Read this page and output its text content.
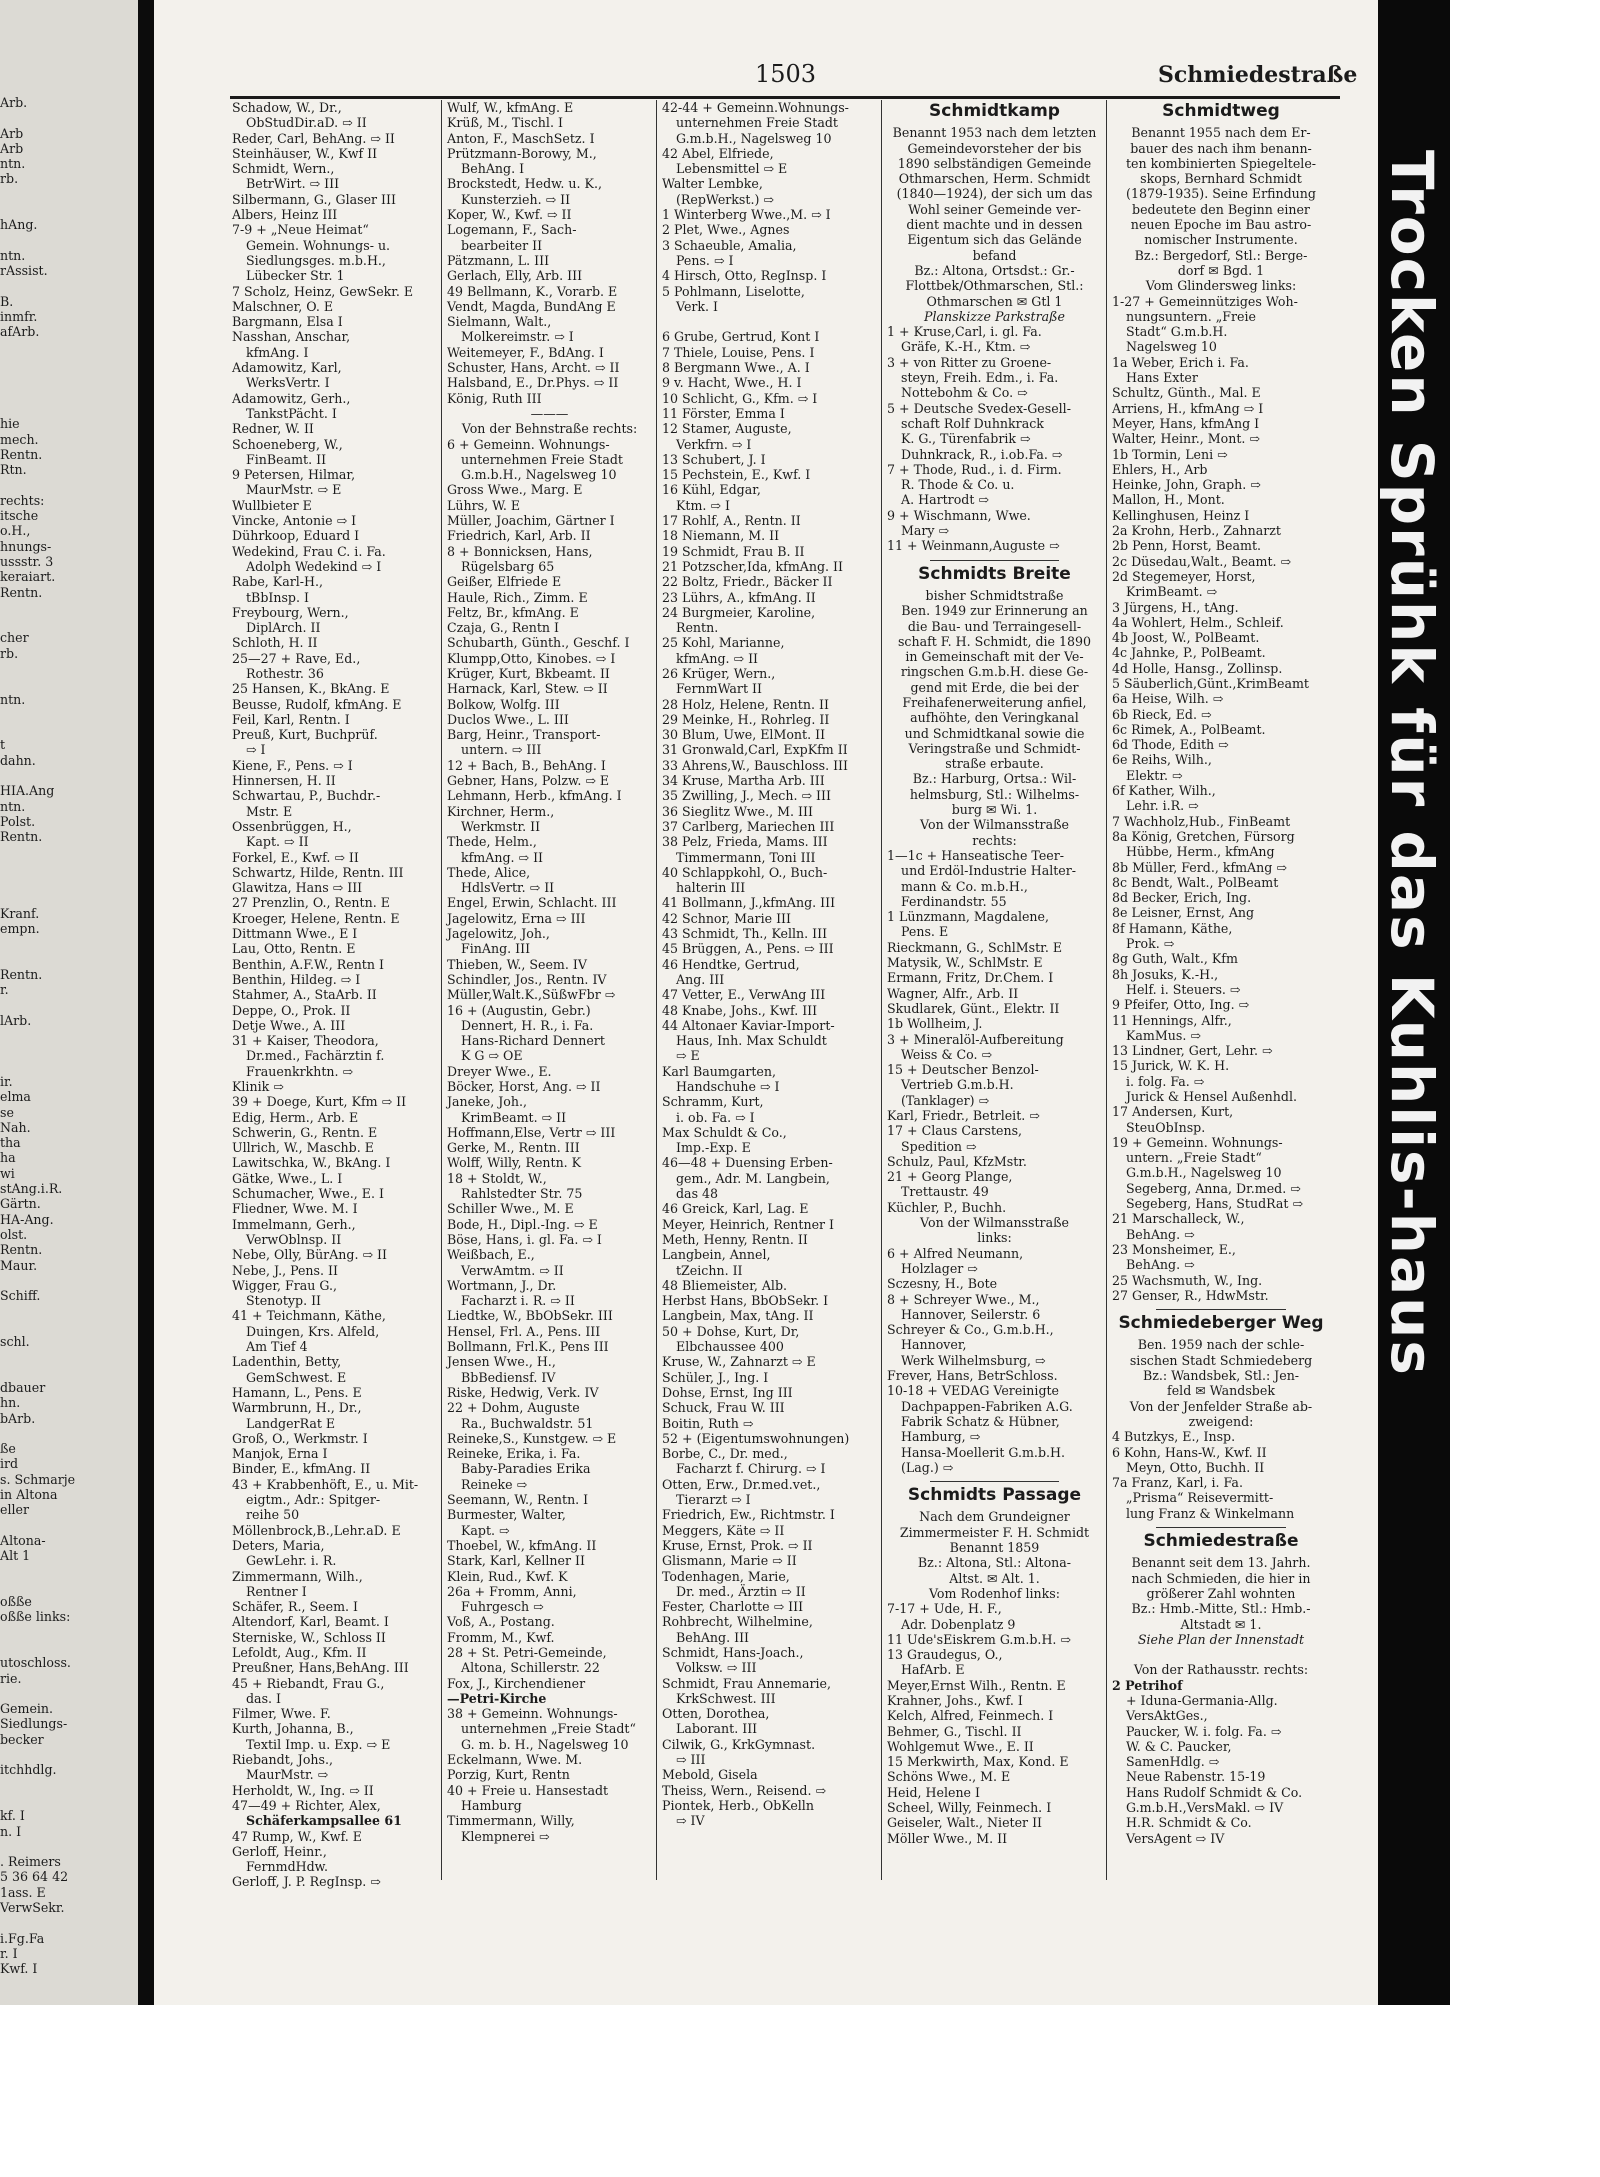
Arb.

Arb
Arb
ntn.
rb.

hAng.

ntn.
rAssist.

B.
inmfr.
afArb.

hie
mech.
Rentn.
Rtn.

rechts:
itsche
o.H.,
hnungs-
ussstr. 3
keraiart.
Rentn.

cher
rb.

ntn.

t
dahn.

HIA.Ang
ntn.
Polst.
Rentn.

Kranf.
empn.

Rentn.
r.

lArb.

ir.
elma
se
Nah.
tha
ha
wi
stAng.i.R.
Gärtn.
HA-Ang.
olst.
Rentn.
Maur.

Schiff.

schl.

dbauer
hn.
bArb.

ße
ird
s. Schmarje
in Altona
eller

Altona-
Alt 1

oßße
oßße links:

utoschloss.
rie.

Gemein.
Siedlungs-
becker

itchhdlg.

kf. I
n. I

. Reimers
5 36 64 42
1ass. E
VerwSekr.

i.Fg.Fa
r. I
Kwf. I
1503	Schmiedestraße
Schadow, W., Dr.,
ObStudDir.aD. ⇨ II
Reder, Carl, BehAng. ⇨ II
Steinhäuser, W., Kwf II
Schmidt, Wern.,
BetrWirt. ⇨ III
Silbermann, G., Glaser III
Albers, Heinz III
7-9 + „Neue Heimat“
Gemein. Wohnungs- u.
Siedlungsges. m.b.H.,
Lübecker Str. 1
7 Scholz, Heinz, GewSekr. E
Malschner, O. E
Bargmann, Elsa I
Nasshan, Anschar,
kfmAng. I
Adamowitz, Karl,
WerksVertr. I
Adamowitz, Gerh.,
TankstPächt. I
Redner, W. II
Schoeneberg, W.,
FinBeamt. II
9 Petersen, Hilmar,
MaurMstr. ⇨ E
Wullbieter E
Vincke, Antonie ⇨ I
Dührkoop, Eduard I
Wedekind, Frau C. i. Fa.
Adolph Wedekind ⇨ I
Rabe, Karl-H.,
tBbInsp. I
Freybourg, Wern.,
DiplArch. II
Schloth, H. II
25—27 + Rave, Ed.,
Rothestr. 36
25 Hansen, K., BkAng. E
Beusse, Rudolf, kfmAng. E
Feil, Karl, Rentn. I
Preuß, Kurt, Buchprüf.
⇨ I
Kiene, F., Pens. ⇨ I
Hinnersen, H. II
Schwartau, P., Buchdr.-
Mstr. E
Ossenbrüggen, H.,
Kapt. ⇨ II
Forkel, E., Kwf. ⇨ II
Schwartz, Hilde, Rentn. III
Glawitza, Hans ⇨ III
27 Prenzlin, O., Rentn. E
Kroeger, Helene, Rentn. E
Dittmann Wwe., E I
Lau, Otto, Rentn. E
Benthin, A.F.W., Rentn I
Benthin, Hildeg. ⇨ I
Stahmer, A., StaArb. II
Deppe, O., Prok. II
Detje Wwe., A. III
31 + Kaiser, Theodora,
Dr.med., Fachärztin f.
Frauenkrkhtn. ⇨
Klinik ⇨
39 + Doege, Kurt, Kfm ⇨ II
Edig, Herm., Arb. E
Schwerin, G., Rentn. E
Ullrich, W., Maschb. E
Lawitschka, W., BkAng. I
Gätke, Wwe., L. I
Schumacher, Wwe., E. I
Fliedner, Wwe. M. I
Immelmann, Gerh.,
VerwOblnsp. II
Nebe, Olly, BürAng. ⇨ II
Nebe, J., Pens. II
Wigger, Frau G.,
Stenotyp. II
41 + Teichmann, Käthe,
Duingen, Krs. Alfeld,
Am Tief 4
Ladenthin, Betty,
GemSchwest. E
Hamann, L., Pens. E
Warmbrunn, H., Dr.,
LandgerRat E
Groß, O., Werkmstr. I
Manjok, Erna I
Binder, E., kfmAng. II
43 + Krabbenhöft, E., u. Mit-
eigtm., Adr.: Spitger-
reihe 50
Möllenbrock,B.,Lehr.aD. E
Deters, Maria,
GewLehr. i. R.
Zimmermann, Wilh.,
Rentner I
Schäfer, R., Seem. I
Altendorf, Karl, Beamt. I
Sterniske, W., Schloss II
Lefoldt, Aug., Kfm. II
Preußner, Hans,BehAng. III
45 + Riebandt, Frau G.,
das. I
Filmer, Wwe. F.
Kurth, Johanna, B.,
Textil Imp. u. Exp. ⇨ E
Riebandt, Johs.,
MaurMstr. ⇨
Herholdt, W., Ing. ⇨ II
47—49 + Richter, Alex,
Schäferkampsallee 61
47 Rump, W., Kwf. E
Gerloff, Heinr.,
FernmdHdw.
Gerloff, J. P. RegInsp. ⇨
Wulf, W., kfmAng. E
Krüß, M., Tischl. I
Anton, F., MaschSetz. I
Prützmann-Borowy, M.,
BehAng. I
Brockstedt, Hedw. u. K.,
Kunsterzieh. ⇨ II
Koper, W., Kwf. ⇨ II
Logemann, F., Sach-
bearbeiter II
Pätzmann, L. III
Gerlach, Elly, Arb. III
49 Bellmann, K., Vorarb. E
Vendt, Magda, BundAng E
Sielmann, Walt.,
Molkereimstr. ⇨ I
Weitemeyer, F., BdAng. I
Schuster, Hans, Archt. ⇨ II
Halsband, E., Dr.Phys. ⇨ II
König, Ruth III
———
Von der Behnstraße rechts:
6 + Gemeinn. Wohnungs-
unternehmen Freie Stadt
G.m.b.H., Nagelsweg 10
Gross Wwe., Marg. E
Lührs, W. E
Müller, Joachim, Gärtner I
Friedrich, Karl, Arb. II
8 + Bonnicksen, Hans,
Rügelsbarg 65
Geißer, Elfriede E
Haule, Rich., Zimm. E
Feltz, Br., kfmAng. E
Czaja, G., Rentn I
Schubarth, Günth., Geschf. I
Klumpp,Otto, Kinobes. ⇨ I
Krüger, Kurt, Bkbeamt. II
Harnack, Karl, Stew. ⇨ II
Bolkow, Wolfg. III
Duclos Wwe., L. III
Barg, Heinr., Transport-
untern. ⇨ III
12 + Bach, B., BehAng. I
Gebner, Hans, Polzw. ⇨ E
Lehmann, Herb., kfmAng. I
Kirchner, Herm.,
Werkmstr. II
Thede, Helm.,
kfmAng. ⇨ II
Thede, Alice,
HdlsVertr. ⇨ II
Engel, Erwin, Schlacht. III
Jagelowitz, Erna ⇨ III
Jagelowitz, Joh.,
FinAng. III
Thieben, W., Seem. IV
Schindler, Jos., Rentn. IV
Müller,Walt.K.,SüßwFbr ⇨
16 + (Augustin, Gebr.)
Dennert, H. R., i. Fa.
Hans-Richard Dennert
K G ⇨ OE
Dreyer Wwe., E.
Böcker, Horst, Ang. ⇨ II
Janeke, Joh.,
KrimBeamt. ⇨ II
Hoffmann,Else, Vertr ⇨ III
Gerke, M., Rentn. III
Wolff, Willy, Rentn. K
18 + Stoldt, W.,
Rahlstedter Str. 75
Schiller Wwe., M. E
Bode, H., Dipl.-Ing. ⇨ E
Böse, Hans, i. gl. Fa. ⇨ I
Weißbach, E.,
VerwAmtm. ⇨ II
Wortmann, J., Dr.
Facharzt i. R. ⇨ II
Liedtke, W., BbObSekr. III
Hensel, Frl. A., Pens. III
Bollmann, Frl.K., Pens III
Jensen Wwe., H.,
BbBediensf. IV
Riske, Hedwig, Verk. IV
22 + Dohm, Auguste
Ra., Buchwaldstr. 51
Reineke,S., Kunstgew. ⇨ E
Reineke, Erika, i. Fa.
Baby-Paradies Erika
Reineke ⇨
Seemann, W., Rentn. I
Burmester, Walter,
Kapt. ⇨
Thoebel, W., kfmAng. II
Stark, Karl, Kellner II
Klein, Rud., Kwf. K
26a + Fromm, Anni,
Fuhrgesch ⇨
Voß, A., Postang.
Fromm, M., Kwf.
28 + St. Petri-Gemeinde,
Altona, Schillerstr. 22
Fox, J., Kirchendiener
—Petri-Kirche
38 + Gemeinn. Wohnungs-
unternehmen „Freie Stadt“
G. m. b. H., Nagelsweg 10
Eckelmann, Wwe. M.
Porzig, Kurt, Rentn
40 + Freie u. Hansestadt
Hamburg
Timmermann, Willy,
Klempnerei ⇨
42-44 + Gemeinn.Wohnungs-
unternehmen Freie Stadt
G.m.b.H., Nagelsweg 10
42 Abel, Elfriede,
Lebensmittel ⇨ E
Walter Lembke,
(RepWerkst.) ⇨
1 Winterberg Wwe.,M. ⇨ I
2 Plet, Wwe., Agnes
3 Schaeuble, Amalia,
Pens. ⇨ I
4 Hirsch, Otto, RegInsp. I
5 Pohlmann, Liselotte,
Verk. I

6 Grube, Gertrud, Kont I
7 Thiele, Louise, Pens. I
8 Bergmann Wwe., A. I
9 v. Hacht, Wwe., H. I
10 Schlicht, G., Kfm. ⇨ I
11 Förster, Emma I
12 Stamer, Auguste,
Verkfrn. ⇨ I
13 Schubert, J. I
15 Pechstein, E., Kwf. I
16 Kühl, Edgar,
Ktm. ⇨ I
17 Rohlf, A., Rentn. II
18 Niemann, M. II
19 Schmidt, Frau B. II
21 Potzscher,Ida, kfmAng. II
22 Boltz, Friedr., Bäcker II
23 Lührs, A., kfmAng. II
24 Burgmeier, Karoline,
Rentn.
25 Kohl, Marianne,
kfmAng. ⇨ II
26 Krüger, Wern.,
FernmWart II
28 Holz, Helene, Rentn. II
29 Meinke, H., Rohrleg. II
30 Blum, Uwe, ElMont. II
31 Gronwald,Carl, ExpKfm II
33 Ahrens,W., Bauschloss. III
34 Kruse, Martha Arb. III
35 Zwilling, J., Mech. ⇨ III
36 Sieglitz Wwe., M. III
37 Carlberg, Mariechen III
38 Pelz, Frieda, Mams. III
Timmermann, Toni III
40 Schlappkohl, O., Buch-
halterin III
41 Bollmann, J.,kfmAng. III
42 Schnor, Marie III
43 Schmidt, Th., Kelln. III
45 Brüggen, A., Pens. ⇨ III
46 Hendtke, Gertrud,
Ang. III
47 Vetter, E., VerwAng III
48 Knabe, Johs., Kwf. III
44 Altonaer Kaviar-Import-
Haus, Inh. Max Schuldt
⇨ E
Karl Baumgarten,
Handschuhe ⇨ I
Schramm, Kurt,
i. ob. Fa. ⇨ I
Max Schuldt & Co.,
Imp.-Exp. E
46—48 + Duensing Erben-
gem., Adr. M. Langbein,
das 48
46 Greick, Karl, Lag. E
Meyer, Heinrich, Rentner I
Meth, Henny, Rentn. II
Langbein, Annel,
tZeichn. II
48 Bliemeister, Alb.
Herbst Hans, BbObSekr. I
Langbein, Max, tAng. II
50 + Dohse, Kurt, Dr,
Elbchaussee 400
Kruse, W., Zahnarzt ⇨ E
Schüler, J., Ing. I
Dohse, Ernst, Ing III
Schuck, Frau W. III
Boitin, Ruth ⇨
52 + (Eigentumswohnungen)
Borbe, C., Dr. med.,
Facharzt f. Chirurg. ⇨ I
Otten, Erw., Dr.med.vet.,
Tierarzt ⇨ I
Friedrich, Ew., Richtmstr. I
Meggers, Käte ⇨ II
Kruse, Ernst, Prok. ⇨ II
Glismann, Marie ⇨ II
Todenhagen, Marie,
Dr. med., Ärztin ⇨ II
Fester, Charlotte ⇨ III
Rohbrecht, Wilhelmine,
BehAng. III
Schmidt, Hans-Joach.,
Volksw. ⇨ III
Schmidt, Frau Annemarie,
KrkSchwest. III
Otten, Dorothea,
Laborant. III
Cilwik, G., KrkGymnast.
⇨ III
Mebold, Gisela
Theiss, Wern., Reisend. ⇨
Piontek, Herb., ObKelln
⇨ IV
Schmidtkamp
Benannt 1953 nach dem letzten
Gemeindevorsteher der bis
1890 selbständigen Gemeinde
Othmarschen, Herm. Schmidt
(1840—1924), der sich um das
Wohl seiner Gemeinde ver-
dient machte und in dessen
Eigentum sich das Gelände
befand
Bz.: Altona, Ortsdst.: Gr.-
Flottbek/Othmarschen, Stl.:
Othmarschen ✉ Gtl 1
Planskizze Parkstraße
1 + Kruse,Carl, i. gl. Fa.
Gräfe, K.-H., Ktm. ⇨
3 + von Ritter zu Groene-
steyn, Freih. Edm., i. Fa.
Nottebohm & Co. ⇨
5 + Deutsche Svedex-Gesell-
schaft Rolf Duhnkrack
K. G., Türenfabrik ⇨
Duhnkrack, R., i.ob.Fa. ⇨
7 + Thode, Rud., i. d. Firm.
R. Thode & Co. u.
A. Hartrodt ⇨
9 + Wischmann, Wwe.
Mary ⇨
11 + Weinmann,Auguste ⇨
Schmidts Breite
bisher Schmidtstraße
Ben. 1949 zur Erinnerung an
die Bau- und Terraingesell-
schaft F. H. Schmidt, die 1890
in Gemeinschaft mit der Ve-
ringschen G.m.b.H. diese Ge-
gend mit Erde, die bei der
Freihafenerweiterung anfiel,
aufhöhte, den Veringkanal
und Schmidtkanal sowie die
Veringstraße und Schmidt-
straße erbaute.
Bz.: Harburg, Ortsa.: Wil-
helmsburg, Stl.: Wilhelms-
burg ✉ Wi. 1.
Von der Wilmansstraße
rechts:
1—1c + Hanseatische Teer-
und Erdöl-Industrie Halter-
mann & Co. m.b.H.,
Ferdinandstr. 55
1 Lünzmann, Magdalene,
Pens. E
Rieckmann, G., SchlMstr. E
Matysik, W., SchlMstr. E
Ermann, Fritz, Dr.Chem. I
Wagner, Alfr., Arb. II
Skudlarek, Günt., Elektr. II
1b Wollheim, J.
3 + Mineralöl-Aufbereitung
Weiss & Co. ⇨
15 + Deutscher Benzol-
Vertrieb G.m.b.H.
(Tanklager) ⇨
Karl, Friedr., Betrleit. ⇨
17 + Claus Carstens,
Spedition ⇨
Schulz, Paul, KfzMstr.
21 + Georg Plange,
Trettaustr. 49
Küchler, P., Buchh.
Von der Wilmansstraße
links:
6 + Alfred Neumann,
Holzlager ⇨
Sczesny, H., Bote
8 + Schreyer Wwe., M.,
Hannover, Seilerstr. 6
Schreyer & Co., G.m.b.H.,
Hannover,
Werk Wilhelmsburg, ⇨
Frever, Hans, BetrSchloss.
10-18 + VEDAG Vereinigte
Dachpappen-Fabriken A.G.
Fabrik Schatz & Hübner,
Hamburg, ⇨
Hansa-Moellerit G.m.b.H.
(Lag.) ⇨
Schmidts Passage
Nach dem Grundeigner
Zimmermeister F. H. Schmidt
Benannt 1859
Bz.: Altona, Stl.: Altona-
Altst. ✉ Alt. 1.
Vom Rodenhof links:
7-17 + Ude, H. F.,
Adr. Dobenplatz 9
11 Ude'sEiskrem G.m.b.H. ⇨
13 Graudegus, O.,
HafArb. E
Meyer,Ernst Wilh., Rentn. E
Krahner, Johs., Kwf. I
Kelch, Alfred, Feinmech. I
Behmer, G., Tischl. II
Wohlgemut Wwe., E. II
15 Merkwirth, Max, Kond. E
Schöns Wwe., M. E
Heid, Helene I
Scheel, Willy, Feinmech. I
Geiseler, Walt., Nieter II
Möller Wwe., M. II
Schmidtweg
Benannt 1955 nach dem Er-
bauer des nach ihm benann-
ten kombinierten Spiegeltele-
skops, Bernhard Schmidt
(1879-1935). Seine Erfindung
bedeutete den Beginn einer
neuen Epoche im Bau astro-
nomischer Instrumente.
Bz.: Bergedorf, Stl.: Berge-
dorf ✉ Bgd. 1
Vom Glindersweg links:
1-27 + Gemeinnütziges Woh-
nungsuntern. „Freie
Stadt“ G.m.b.H.
Nagelsweg 10
1a Weber, Erich i. Fa.
Hans Exter
Schultz, Günth., Mal. E
Arriens, H., kfmAng ⇨ I
Meyer, Hans, kfmAng I
Walter, Heinr., Mont. ⇨
1b Tormin, Leni ⇨
Ehlers, H., Arb
Heinke, John, Graph. ⇨
Mallon, H., Mont.
Kellinghusen, Heinz I
2a Krohn, Herb., Zahnarzt
2b Penn, Horst, Beamt.
2c Düsedau,Walt., Beamt. ⇨
2d Stegemeyer, Horst,
KrimBeamt. ⇨
3 Jürgens, H., tAng.
4a Wohlert, Helm., Schleif.
4b Joost, W., PolBeamt.
4c Jahnke, P., PolBeamt.
4d Holle, Hansg., Zollinsp.
5 Säuberlich,Günt.,KrimBeamt
6a Heise, Wilh. ⇨
6b Rieck, Ed. ⇨
6c Rimek, A., PolBeamt.
6d Thode, Edith ⇨
6e Reihs, Wilh.,
Elektr. ⇨
6f Kather, Wilh.,
Lehr. i.R. ⇨
7 Wachholz,Hub., FinBeamt
8a König, Gretchen, Fürsorg
Hübbe, Herm., kfmAng
8b Müller, Ferd., kfmAng ⇨
8c Bendt, Walt., PolBeamt
8d Becker, Erich, Ing.
8e Leisner, Ernst, Ang
8f Hamann, Käthe,
Prok. ⇨
8g Guth, Walt., Kfm
8h Josuks, K.-H.,
Helf. i. Steuers. ⇨
9 Pfeifer, Otto, Ing. ⇨
11 Hennings, Alfr.,
KamMus. ⇨
13 Lindner, Gert, Lehr. ⇨
15 Jurick, W. K. H.
i. folg. Fa. ⇨
Jurick & Hensel Außenhdl.
17 Andersen, Kurt,
SteuObInsp.
19 + Gemeinn. Wohnungs-
untern. „Freie Stadt“
G.m.b.H., Nagelsweg 10
Segeberg, Anna, Dr.med. ⇨
Segeberg, Hans, StudRat ⇨
21 Marschalleck, W.,
BehAng. ⇨
23 Monsheimer, E.,
BehAng. ⇨
25 Wachsmuth, W., Ing.
27 Genser, R., HdwMstr.
Schmiedeberger Weg
Ben. 1959 nach der schle-
sischen Stadt Schmiedeberg
Bz.: Wandsbek, Stl.: Jen-
feld ✉ Wandsbek
Von der Jenfelder Straße ab-
zweigend:
4 Butzkys, E., Insp.
6 Kohn, Hans-W., Kwf. II
Meyn, Otto, Buchh. II
7a Franz, Karl, i. Fa.
„Prisma“ Reisevermitt-
lung Franz & Winkelmann
Schmiedestraße
Benannt seit dem 13. Jahrh.
nach Schmieden, die hier in
größerer Zahl wohnten
Bz.: Hmb.-Mitte, Stl.: Hmb.-
Altstadt ✉ 1.
Siehe Plan der Innenstadt

Von der Rathausstr. rechts:
2 Petrihof
+ Iduna-Germania-Allg.
VersAktGes.,
Paucker, W. i. folg. Fa. ⇨
W. & C. Paucker,
SamenHdlg. ⇨
Neue Rabenstr. 15-19
Hans Rudolf Schmidt & Co.
G.m.b.H.,VersMakl. ⇨ IV
H.R. Schmidt & Co.
VersAgent ⇨ IV
Trocken Sprühk für das Kuhlis-haus
